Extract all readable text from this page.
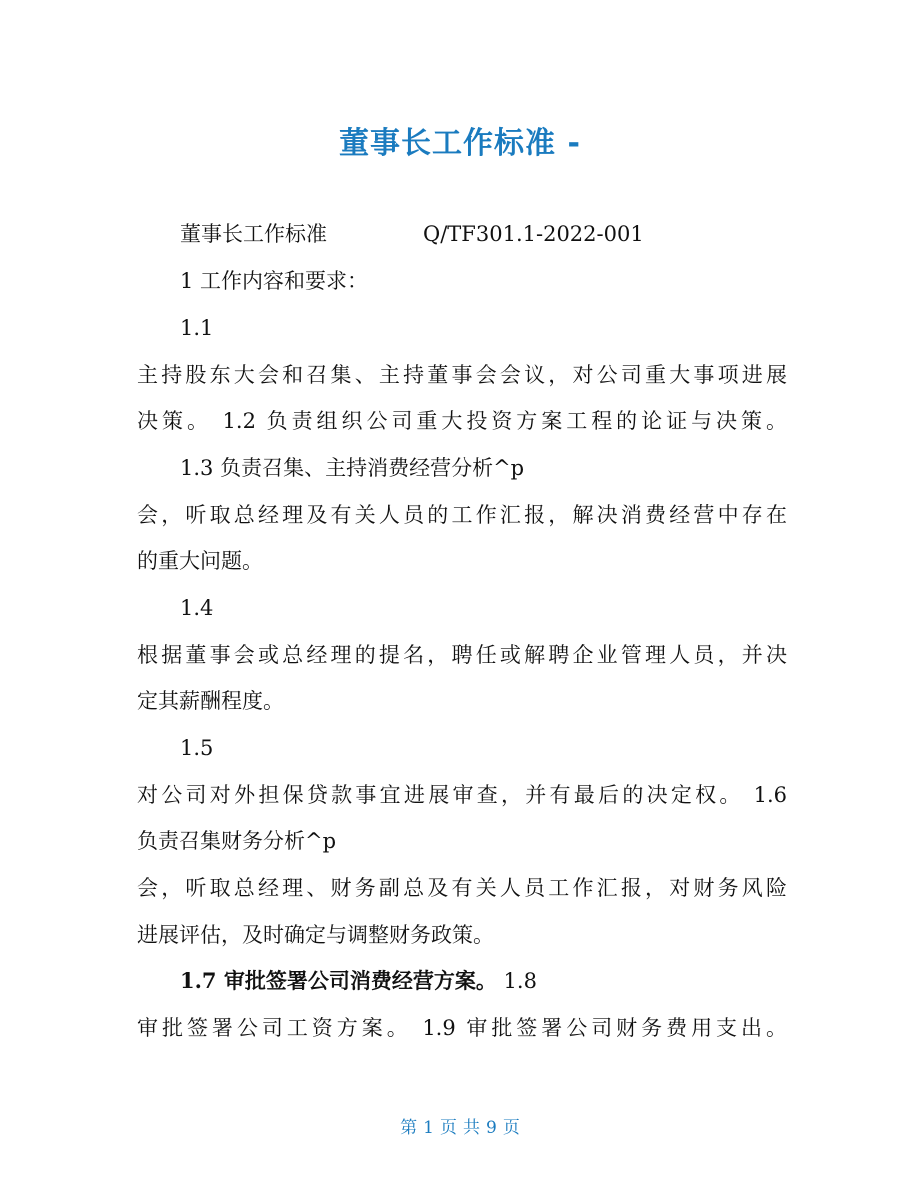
董事长工作标准 -
董事长工作标准	Q/TF301.1-2022-001
1 工作内容和要求：
1.1
主持股东大会和召集、主持董事会会议，对公司重大事项进展
决策。 1.2 负责组织公司重大投资方案工程的论证与决策。
1.3 负责召集、主持消费经营分析^p
会，听取总经理及有关人员的工作汇报，解决消费经营中存在
的重大问题。
1.4
根据董事会或总经理的提名，聘任或解聘企业管理人员，并决
定其薪酬程度。
1.5
对公司对外担保贷款事宜进展审查，并有最后的决定权。 1.6
负责召集财务分析^p
会，听取总经理、财务副总及有关人员工作汇报，对财务风险
进展评估，及时确定与调整财务政策。
1.7 审批签署公司消费经营方案。 1.8
审批签署公司工资方案。 1.9 审批签署公司财务费用支出。
第 1 页 共 9 页
